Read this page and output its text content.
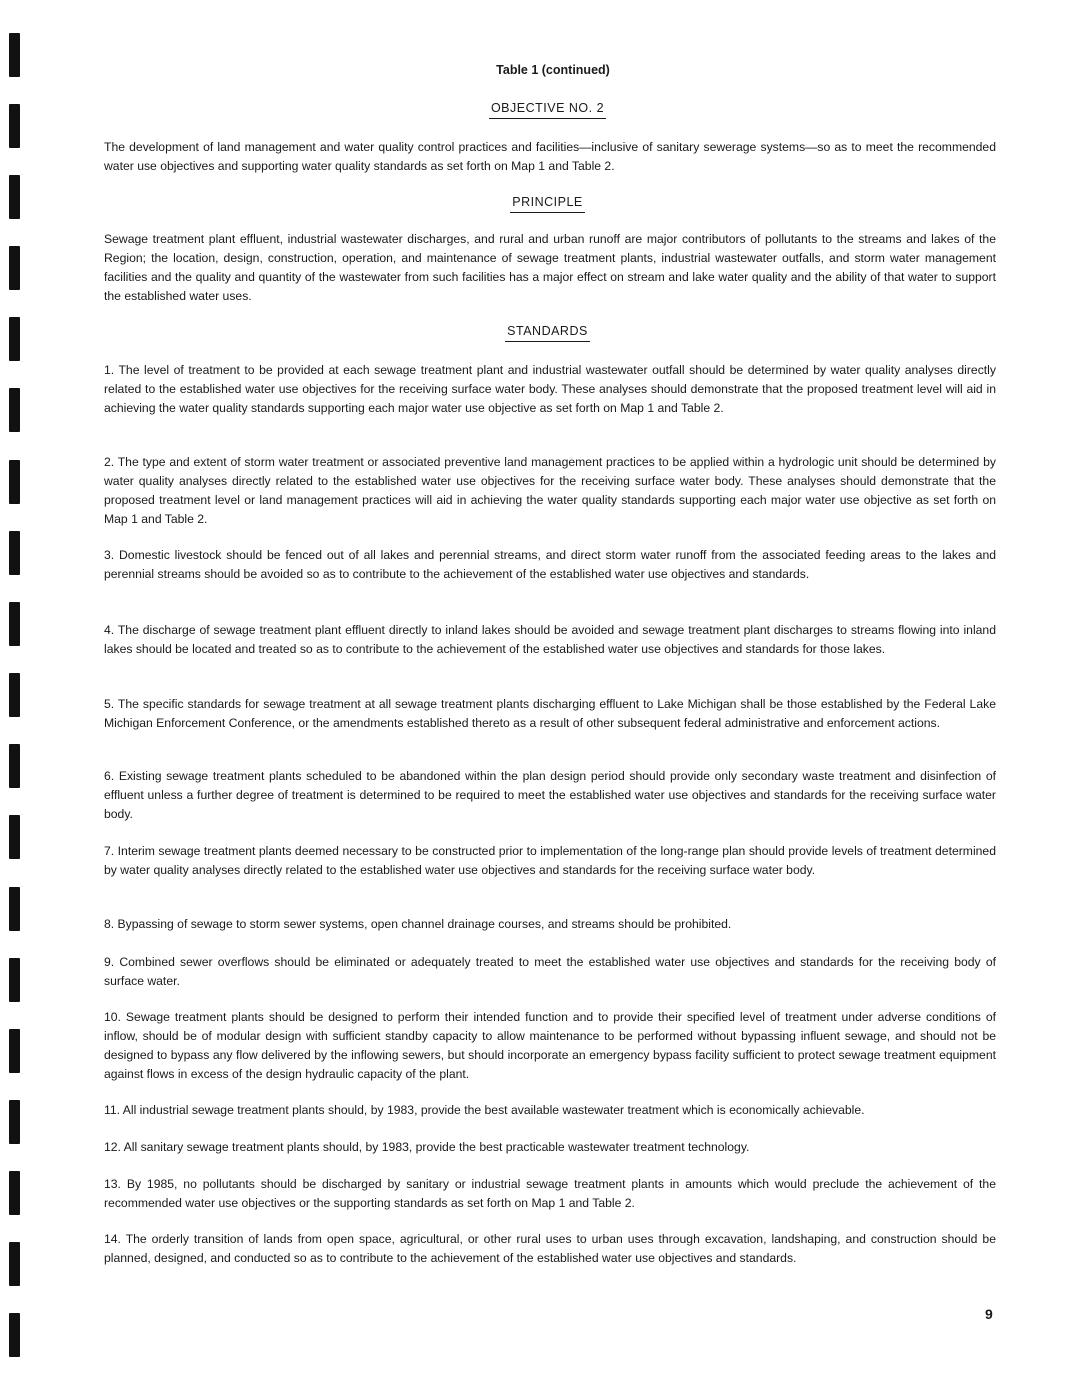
Table 1 (continued)
OBJECTIVE NO. 2

The development of land management and water quality control practices and facilities—inclusive of sanitary sewerage systems—so as to meet the recommended water use objectives and supporting water quality standards as set forth on Map 1 and Table 2.

PRINCIPLE

Sewage treatment plant effluent, industrial wastewater discharges, and rural and urban runoff are major contributors of pollutants to the streams and lakes of the Region; the location, design, construction, operation, and maintenance of sewage treatment plants, industrial wastewater outfalls, and storm water management facilities and the quality and quantity of the wastewater from such facilities has a major effect on stream and lake water quality and the ability of that water to support the established water uses.

STANDARDS

1. The level of treatment to be provided at each sewage treatment plant and industrial wastewater outfall should be determined by water quality analyses directly related to the established water use objectives for the receiving surface water body. These analyses should demonstrate that the proposed treatment level will aid in achieving the water quality standards supporting each major water use objective as set forth on Map 1 and Table 2.

2. The type and extent of storm water treatment or associated preventive land management practices to be applied within a hydrologic unit should be determined by water quality analyses directly related to the established water use objectives for the receiving surface water body. These analyses should demonstrate that the proposed treatment level or land management practices will aid in achieving the water quality standards supporting each major water use objective as set forth on Map 1 and Table 2.

3. Domestic livestock should be fenced out of all lakes and perennial streams, and direct storm water runoff from the associated feeding areas to the lakes and perennial streams should be avoided so as to contribute to the achievement of the established water use objectives and standards.

4. The discharge of sewage treatment plant effluent directly to inland lakes should be avoided and sewage treatment plant discharges to streams flowing into inland lakes should be located and treated so as to contribute to the achievement of the established water use objectives and standards for those lakes.

5. The specific standards for sewage treatment at all sewage treatment plants discharging effluent to Lake Michigan shall be those established by the Federal Lake Michigan Enforcement Conference, or the amendments established thereto as a result of other subsequent federal administrative and enforcement actions.

6. Existing sewage treatment plants scheduled to be abandoned within the plan design period should provide only secondary waste treatment and disinfection of effluent unless a further degree of treatment is determined to be required to meet the established water use objectives and standards for the receiving surface water body.

7. Interim sewage treatment plants deemed necessary to be constructed prior to implementation of the long-range plan should provide levels of treatment determined by water quality analyses directly related to the established water use objectives and standards for the receiving surface water body.

8. Bypassing of sewage to storm sewer systems, open channel drainage courses, and streams should be prohibited.

9. Combined sewer overflows should be eliminated or adequately treated to meet the established water use objectives and standards for the receiving body of surface water.

10. Sewage treatment plants should be designed to perform their intended function and to provide their specified level of treatment under adverse conditions of inflow, should be of modular design with sufficient standby capacity to allow maintenance to be performed without bypassing influent sewage, and should not be designed to bypass any flow delivered by the inflowing sewers, but should incorporate an emergency bypass facility sufficient to protect sewage treatment equipment against flows in excess of the design hydraulic capacity of the plant.

11. All industrial sewage treatment plants should, by 1983, provide the best available wastewater treatment which is economically achievable.

12. All sanitary sewage treatment plants should, by 1983, provide the best practicable wastewater treatment technology.

13. By 1985, no pollutants should be discharged by sanitary or industrial sewage treatment plants in amounts which would preclude the achievement of the recommended water use objectives or the supporting standards as set forth on Map 1 and Table 2.

14. The orderly transition of lands from open space, agricultural, or other rural uses to urban uses through excavation, landshaping, and construction should be planned, designed, and conducted so as to contribute to the achievement of the established water use objectives and standards.

9
